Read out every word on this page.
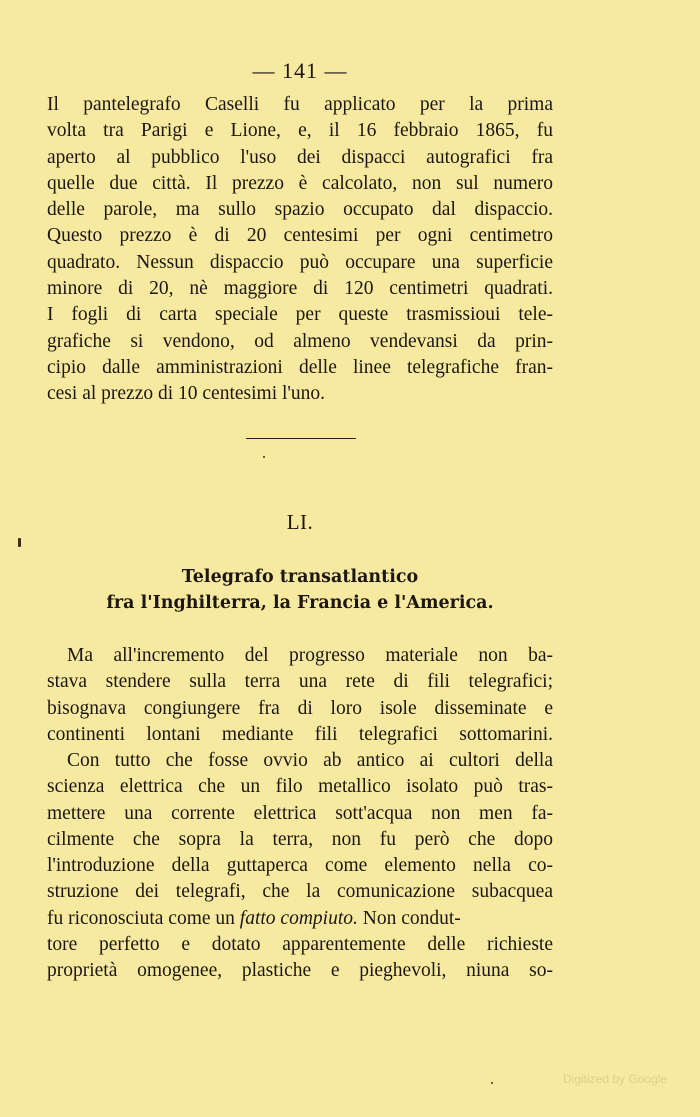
— 141 —
Il pantelegrafo Caselli fu applicato per la prima
volta tra Parigi e Lione, e, il 16 febbraio 1865, fu
aperto al pubblico l'uso dei dispacci autografici fra
quelle due città. Il prezzo è calcolato, non sul numero
delle parole, ma sullo spazio occupato dal dispaccio.
Questo prezzo è di 20 centesimi per ogni centimetro
quadrato. Nessun dispaccio può occupare una superficie
minore di 20, nè maggiore di 120 centimetri quadrati.
I fogli di carta speciale per queste trasmissioui tele-
grafiche si vendono, od almeno vendevansi da prin-
cipio dalle amministrazioni delle linee telegrafiche fran-
cesi al prezzo di 10 centesimi l'uno.
LI.
Telegrafo transatlantico
fra l'Inghilterra, la Francia e l'America.
Ma all'incremento del progresso materiale non ba-
stava stendere sulla terra una rete di fili telegrafici;
bisognava congiungere fra di loro isole disseminate e
continenti lontani mediante fili telegrafici sottomarini.
Con tutto che fosse ovvio ab antico ai cultori della
scienza elettrica che un filo metallico isolato può tras-
mettere una corrente elettrica sott'acqua non men fa-
cilmente che sopra la terra, non fu però che dopo
l'introduzione della guttaperca come elemento nella co-
struzione dei telegrafi, che la comunicazione subacquea
fu riconosciuta come un fatto compiuto. Non condut-
tore perfetto e dotato apparentemente delle richieste
proprietà omogenee, plastiche e pieghevoli, niuna so-
Digitized by Google
